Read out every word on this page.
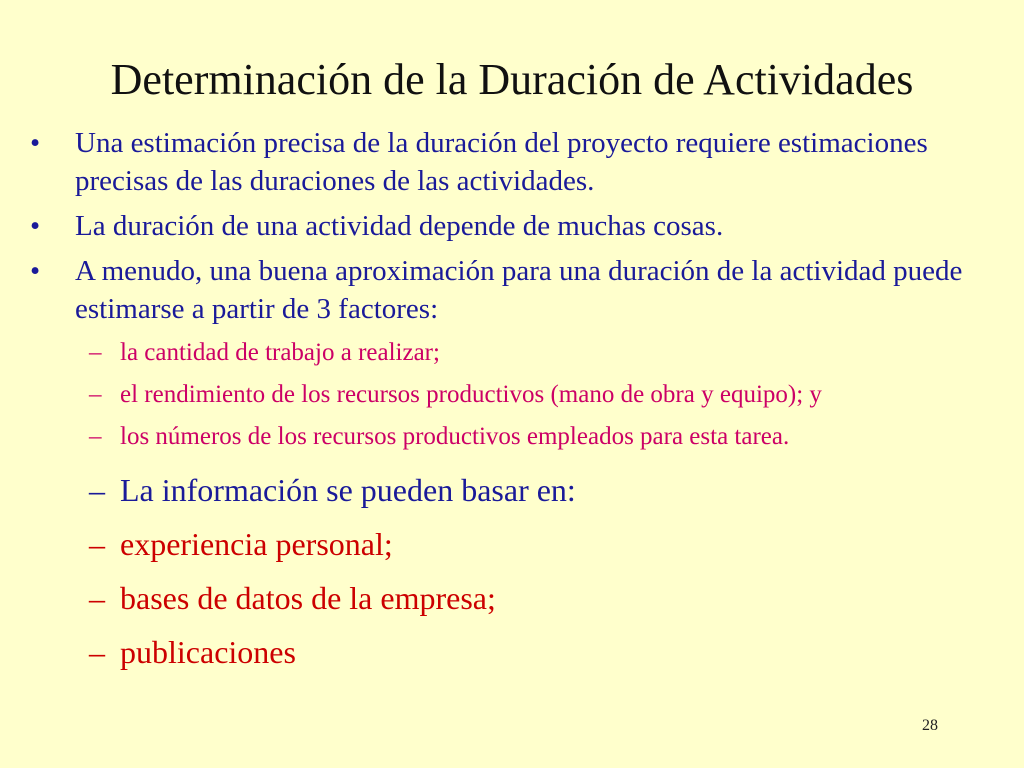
Determinación de la Duración de Actividades
• Una estimación precisa de la duración del proyecto requiere estimaciones precisas de las duraciones de las actividades.
• La duración de una actividad depende de muchas cosas.
• A menudo, una buena aproximación para una duración de la actividad puede estimarse a partir de 3 factores:
– la cantidad de trabajo a realizar;
– el rendimiento de los recursos productivos (mano de obra y equipo); y
– los números de los recursos productivos empleados para esta tarea.
– La información se pueden basar en:
– experiencia personal;
– bases de datos de la empresa;
– publicaciones
28
